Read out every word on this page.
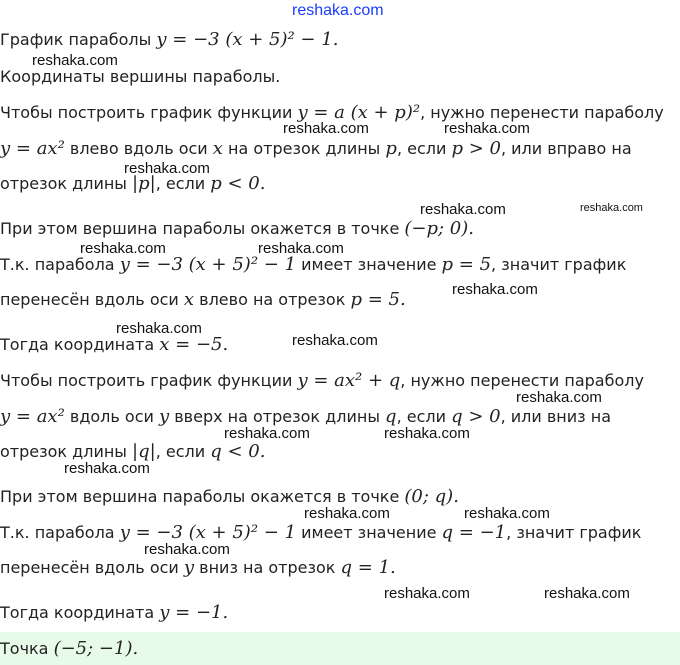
График параболы y = −3 (x + 5)² − 1.
Координаты вершины параболы.
Чтобы построить график функции y = a (x + p)², нужно перенести параболу
y = ax² влево вдоль оси x на отрезок длины p, если p > 0, или вправо на
отрезок длины |p|, если p < 0.
При этом вершина параболы окажется в точке (−p; 0).
Т.к. парабола y = −3 (x + 5)² − 1 имеет значение p = 5, значит график
перенесён вдоль оси x влево на отрезок p = 5.
Тогда координата x = −5.
Чтобы построить график функции y = ax² + q, нужно перенести параболу
y = ax² вдоль оси y вверх на отрезок длины q, если q > 0, или вниз на
отрезок длины |q|, если q < 0.
При этом вершина параболы окажется в точке (0; q).
Т.к. парабола y = −3 (x + 5)² − 1 имеет значение q = −1, значит график
перенесён вдоль оси y вниз на отрезок q = 1.
Тогда координата y = −1.
Точка (−5; −1).
reshaka.com
reshaka.com
reshaka.com	reshaka.com
reshaka.com
reshaka.com	reshaka.com
reshaka.com	reshaka.com
reshaka.com
reshaka.com
reshaka.com
reshaka.com
reshaka.com	reshaka.com
reshaka.com
reshaka.com	reshaka.com
reshaka.com
reshaka.com	reshaka.com
